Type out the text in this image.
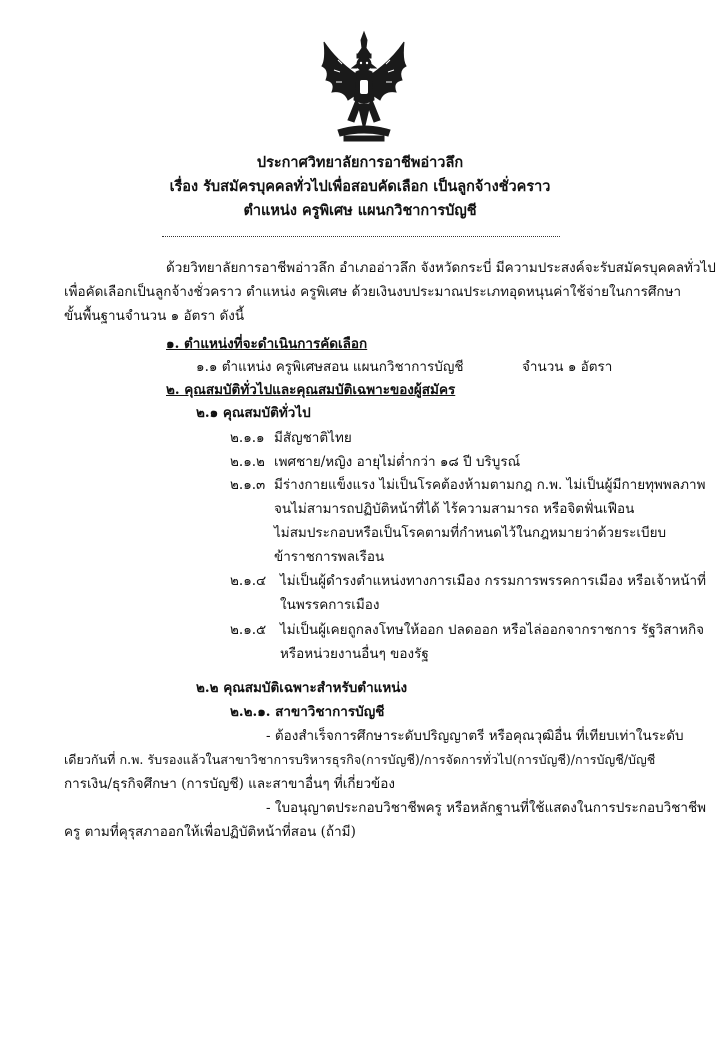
ประกาศวิทยาลัยการอาชีพอ่าวลึก
เรื่อง รับสมัครบุคคลทั่วไปเพื่อสอบคัดเลือก เป็นลูกจ้างชั่วคราว
ตำแหน่ง ครูพิเศษ แผนกวิชาการบัญชี
ด้วยวิทยาลัยการอาชีพอ่าวลึก อำเภออ่าวลึก จังหวัดกระบี่ มีความประสงค์จะรับสมัครบุคคลทั่วไป
เพื่อคัดเลือกเป็นลูกจ้างชั่วคราว ตำแหน่ง ครูพิเศษ ด้วยเงินงบประมาณประเภทอุดหนุนค่าใช้จ่ายในการศึกษา
ขั้นพื้นฐานจำนวน ๑ อัตรา ดังนี้
๑. ตำแหน่งที่จะดำเนินการคัดเลือก
๑.๑ ตำแหน่ง ครูพิเศษสอน แผนกวิชาการบัญชี	จำนวน ๑ อัตรา
๒. คุณสมบัติทั่วไปและคุณสมบัติเฉพาะของผู้สมัคร
๒.๑ คุณสมบัติทั่วไป
๒.๑.๑ มีสัญชาติไทย
๒.๑.๒ เพศชาย/หญิง อายุไม่ต่ำกว่า ๑๘ ปี บริบูรณ์
๒.๑.๓ มีร่างกายแข็งแรง ไม่เป็นโรคต้องห้ามตามกฎ ก.พ. ไม่เป็นผู้มีกายทุพพลภาพ
จนไม่สามารถปฏิบัติหน้าที่ได้ ไร้ความสามารถ หรือจิตฟั่นเฟือน
ไม่สมประกอบหรือเป็นโรคตามที่กำหนดไว้ในกฎหมายว่าด้วยระเบียบ
ข้าราชการพลเรือน
๒.๑.๔ ไม่เป็นผู้ดำรงตำแหน่งทางการเมือง กรรมการพรรคการเมือง หรือเจ้าหน้าที่
ในพรรคการเมือง
๒.๑.๕ ไม่เป็นผู้เคยถูกลงโทษให้ออก ปลดออก หรือไล่ออกจากราชการ รัฐวิสาหกิจ
หรือหน่วยงานอื่นๆ ของรัฐ
๒.๒ คุณสมบัติเฉพาะสำหรับตำแหน่ง
๒.๒.๑. สาขาวิชาการบัญชี
- ต้องสำเร็จการศึกษาระดับปริญญาตรี หรือคุณวุฒิอื่น ที่เทียบเท่าในระดับ
เดียวกันที่ ก.พ. รับรองแล้วในสาขาวิชาการบริหารธุรกิจ(การบัญชี)/การจัดการทั่วไป(การบัญชี)/การบัญชี/บัญชี
การเงิน/ธุรกิจศึกษา (การบัญชี) และสาขาอื่นๆ ที่เกี่ยวข้อง
- ใบอนุญาตประกอบวิชาชีพครู หรือหลักฐานที่ใช้แสดงในการประกอบวิชาชีพ
ครู ตามที่คุรุสภาออกให้เพื่อปฏิบัติหน้าที่สอน (ถ้ามี)
